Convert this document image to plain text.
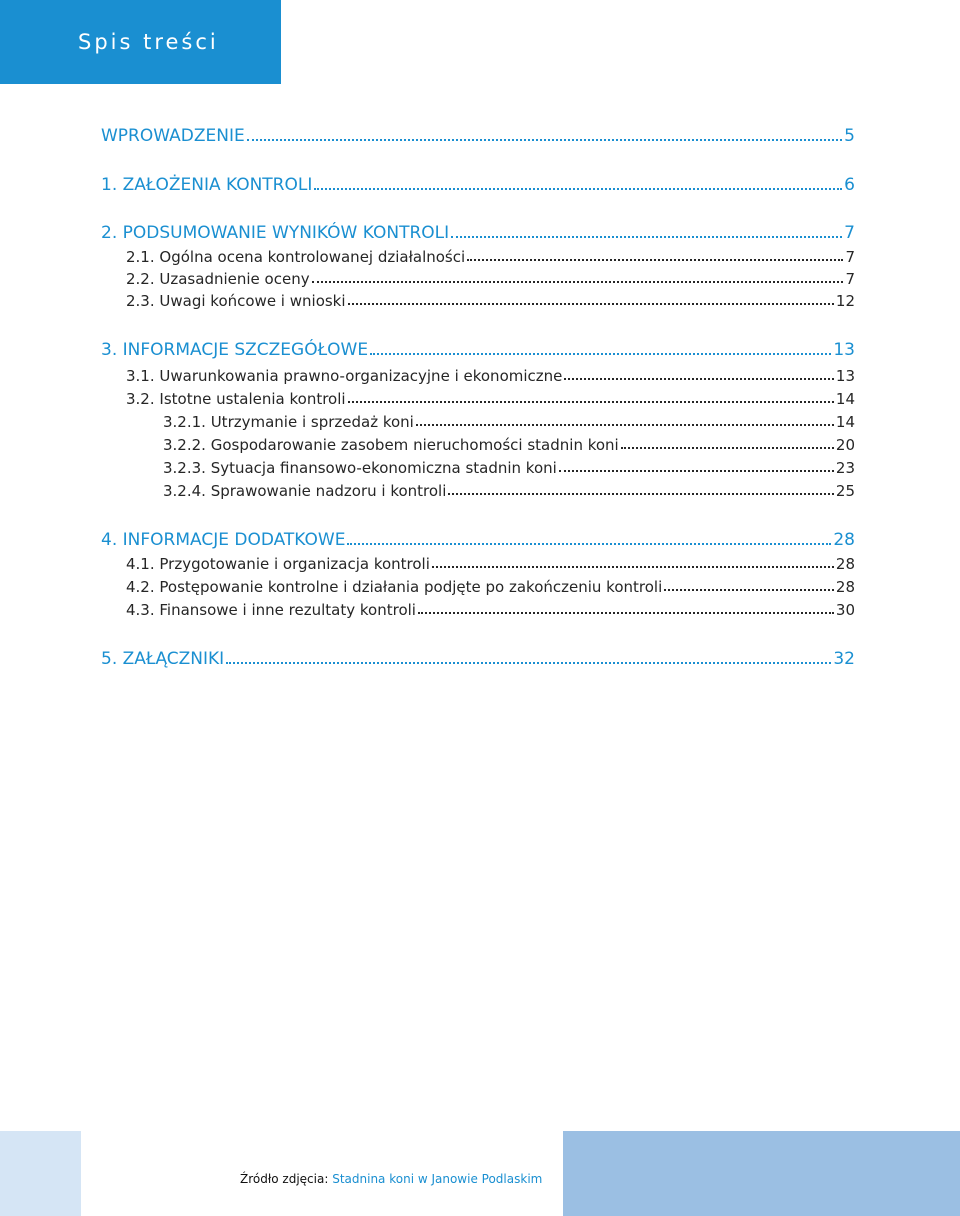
Spis treści
WPROWADZENIE	5
1. ZAŁOŻENIA KONTROLI	6
2. PODSUMOWANIE WYNIKÓW KONTROLI	7
2.1. Ogólna ocena kontrolowanej działalności	7
2.2. Uzasadnienie oceny	7
2.3. Uwagi końcowe i wnioski	12
3. INFORMACJE SZCZEGÓŁOWE	13
3.1. Uwarunkowania prawno-organizacyjne i ekonomiczne	13
3.2. Istotne ustalenia kontroli	14
3.2.1. Utrzymanie i sprzedaż koni	14
3.2.2. Gospodarowanie zasobem nieruchomości stadnin koni	20
3.2.3. Sytuacja finansowo-ekonomiczna stadnin koni	23
3.2.4. Sprawowanie nadzoru i kontroli	25
4. INFORMACJE DODATKOWE	28
4.1. Przygotowanie i organizacja kontroli	28
4.2. Postępowanie kontrolne i działania podjęte po zakończeniu kontroli	28
4.3. Finansowe i inne rezultaty kontroli	30
5. ZAŁĄCZNIKI	32
Źródło zdjęcia: Stadnina koni w Janowie Podlaskim
